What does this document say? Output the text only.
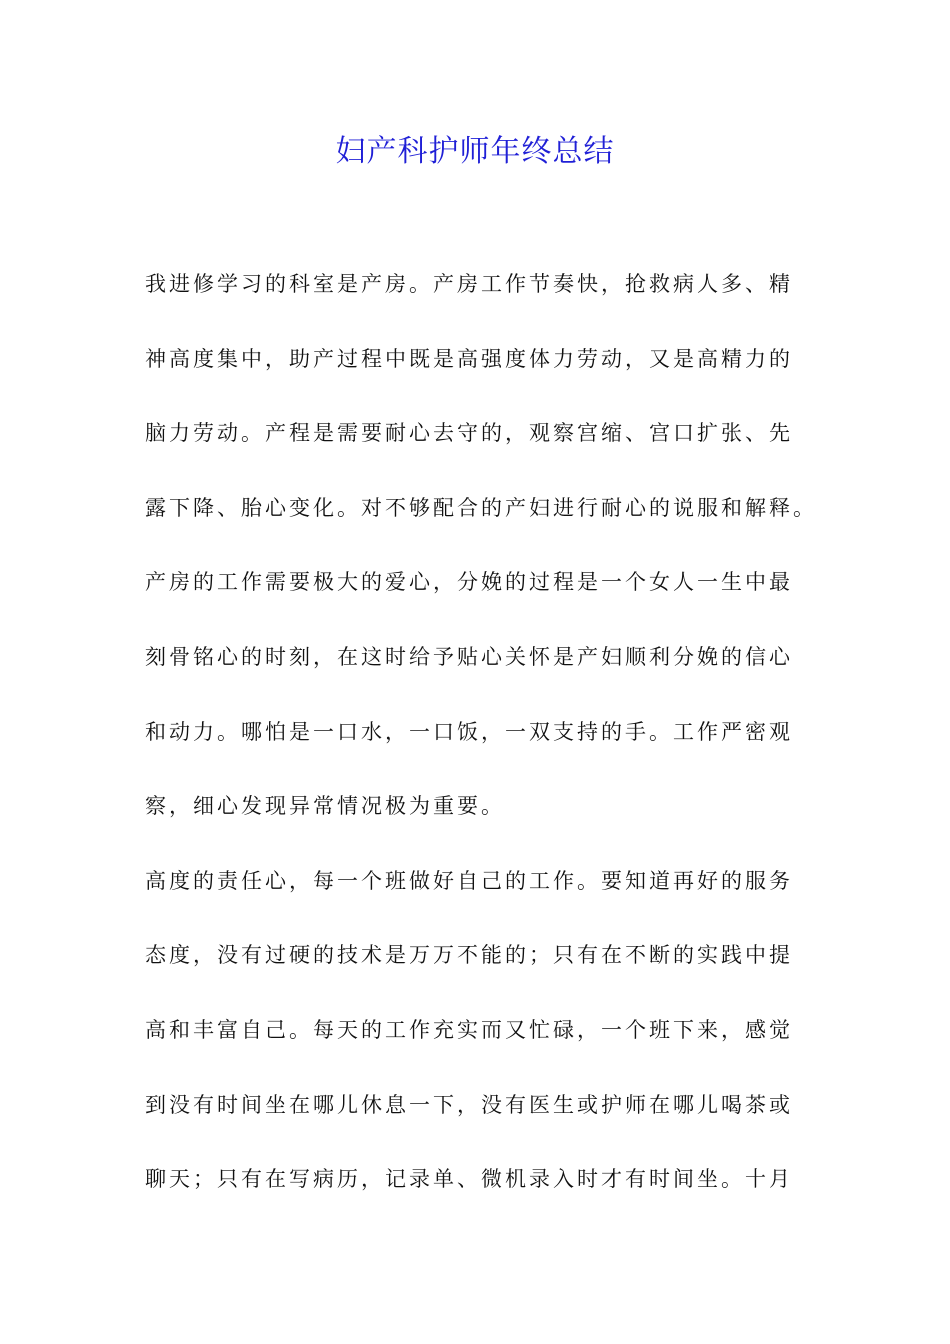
妇产科护师年终总结
我进修学习的科室是产房。产房工作节奏快，抢救病人多、精
神高度集中，助产过程中既是高强度体力劳动，又是高精力的
脑力劳动。产程是需要耐心去守的，观察宫缩、宫口扩张、先
露下降、胎心变化。对不够配合的产妇进行耐心的说服和解释。
产房的工作需要极大的爱心，分娩的过程是一个女人一生中最
刻骨铭心的时刻，在这时给予贴心关怀是产妇顺利分娩的信心
和动力。哪怕是一口水，一口饭，一双支持的手。工作严密观
察，细心发现异常情况极为重要。
高度的责任心，每一个班做好自己的工作。要知道再好的服务
态度，没有过硬的技术是万万不能的；只有在不断的实践中提
高和丰富自己。每天的工作充实而又忙碌，一个班下来，感觉
到没有时间坐在哪儿休息一下，没有医生或护师在哪儿喝茶或
聊天；只有在写病历，记录单、微机录入时才有时间坐。十月
